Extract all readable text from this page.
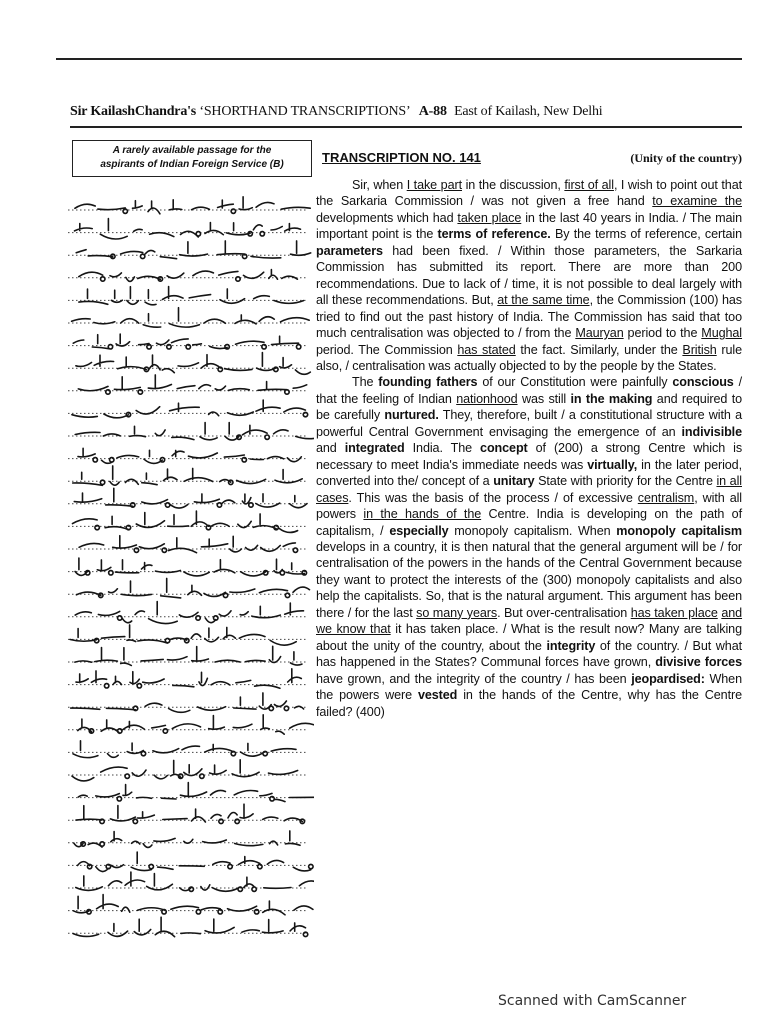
Sir KailashChandra's ‘SHORTHAND TRANSCRIPTIONS’ A-88 East of Kailash, New Delhi
A rarely available passage for the
aspirants of Indian Foreign Service (B)	TRANSCRIPTION NO. 141	(Unity of the country)

Sir, when I take part in the discussion, first of all, I wish to point out that the Sarkaria Commission / was not given a free hand to examine the developments which had taken place in the last 40 years in India. / The main important point is the terms of reference. By the terms of reference, certain parameters had been fixed. / Within those parameters, the Sarkaria Commission has submitted its report. There are more than 200 recommendations. Due to lack of / time, it is not possible to deal largely with all these recommendations. But, at the same time, the Commission (100) has tried to find out the past history of India. The Commission has said that too much centralisation was objected to / from the Mauryan period to the Mughal period. The Commission has stated the fact. Similarly, under the British rule also, / centralisation was actually objected to by the people by the States.

The founding fathers of our Constitution were painfully conscious / that the feeling of Indian nationhood was still in the making and required to be carefully nurtured. They, therefore, built / a constitutional structure with a powerful Central Government envisaging the emergence of an indivisible and integrated India. The concept of (200) a strong Centre which is necessary to meet India's immediate needs was virtually, in the later period, converted into the/ concept of a unitary State with priority for the Centre in all cases. This was the basis of the process / of excessive centralism, with all powers in the hands of the Centre. India is developing on the path of capitalism, / especially monopoly capitalism. When monopoly capitalism develops in a country, it is then natural that the general argument will be / for centralisation of the powers in the hands of the Central Government because they want to protect the interests of the (300) monopoly capitalists and also help the capitalists. So, that is the natural argument. This argument has been there / for the last so many years. But over-centralisation has taken place and we know that it has taken place. / What is the result now? Many are talking about the unity of the country, about the integrity of the country. / But what has happened in the States? Communal forces have grown, divisive forces have grown, and the integrity of the country / has been jeopardised: When the powers were vested in the hands of the Centre, why has the Centre failed? (400)

Scanned with CamScanner
